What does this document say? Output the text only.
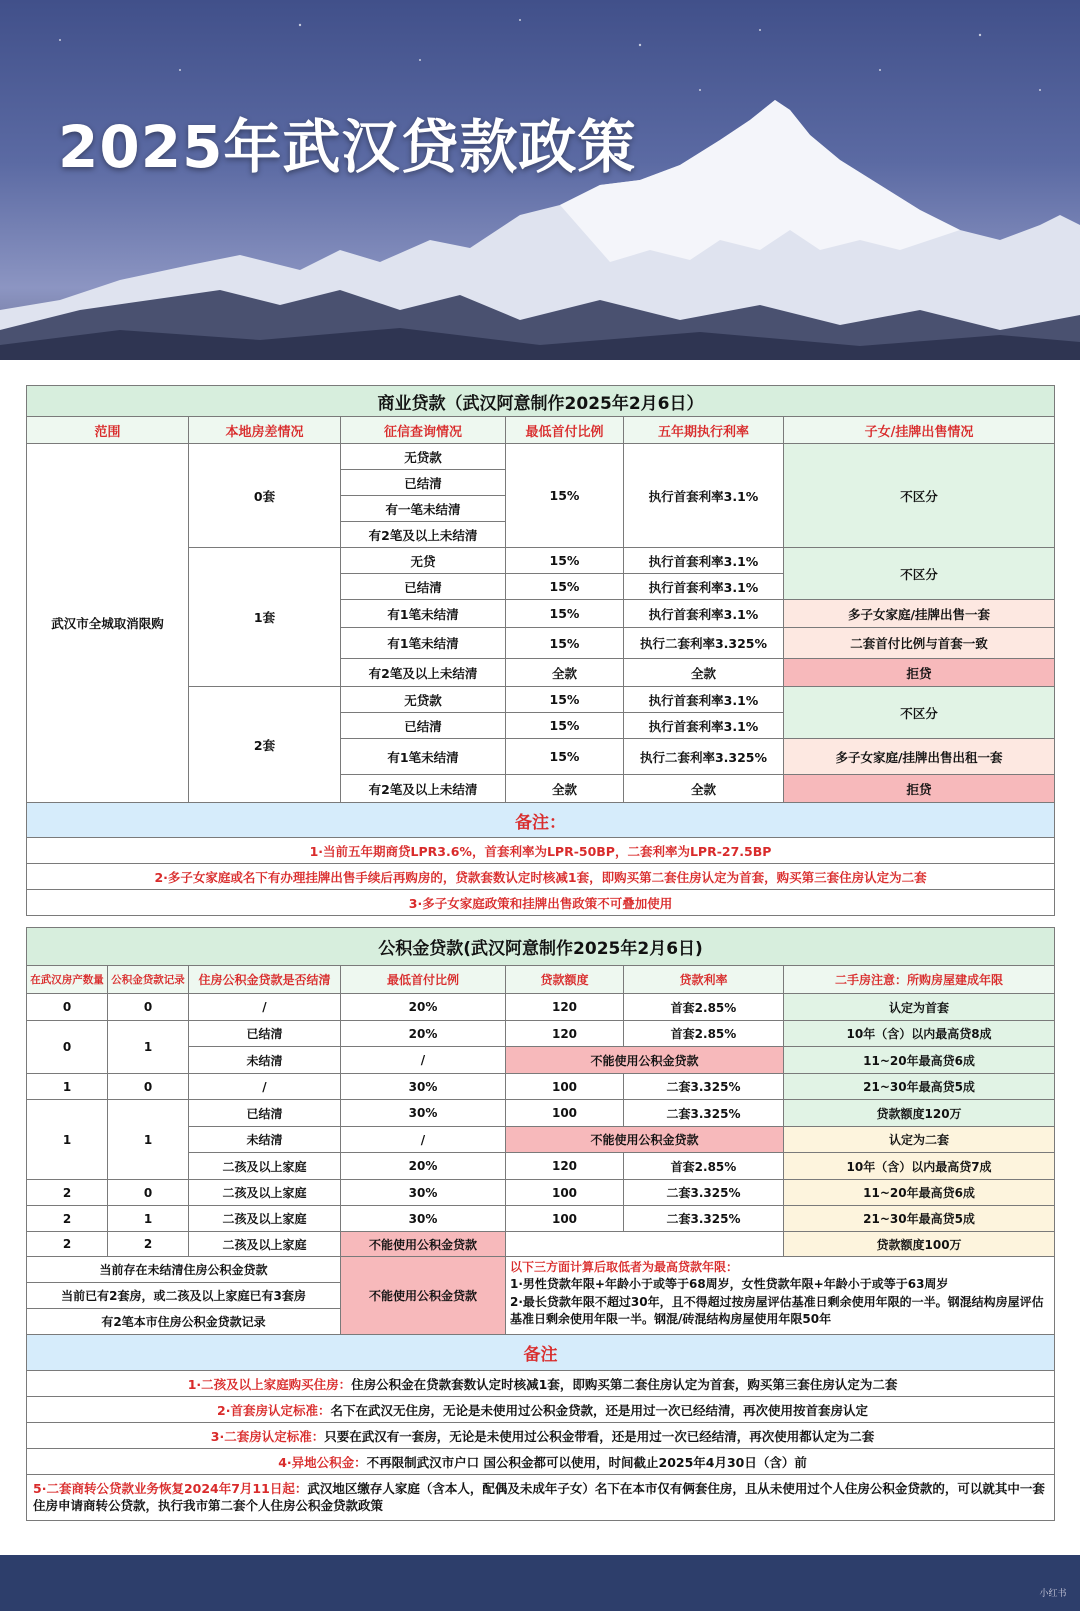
2025年武汉贷款政策
商业贷款（武汉阿意制作2025年2月6日）					
范围	本地房差情况	征信查询情况	最低首付比例	五年期执行利率	子女/挂牌出售情况
武汉市全城取消限购	0套	无贷款	15%	执行首套利率3.1%	不区分
		已结清			
		有一笔未结清			
		有2笔及以上未结清			
	1套	无贷	15%	执行首套利率3.1%	不区分
		已结清	15%	执行首套利率3.1%	
		有1笔未结清	15%	执行首套利率3.1%	多子女家庭/挂牌出售一套
		有1笔未结清	15%	执行二套利率3.325%	二套首付比例与首套一致
		有2笔及以上未结清	全款	全款	拒贷
	2套	无贷款	15%	执行首套利率3.1%	不区分
		已结清	15%	执行首套利率3.1%	
		有1笔未结清	15%	执行二套利率3.325%	多子女家庭/挂牌出售出租一套
		有2笔及以上未结清	全款	全款	拒贷
备注：					
1·当前五年期商贷LPR3.6%，首套利率为LPR-50BP，二套利率为LPR-27.5BP					
2·多子女家庭或名下有办理挂牌出售手续后再购房的，贷款套数认定时核减1套，即购买第二套住房认定为首套，购买第三套住房认定为二套					
3·多子女家庭政策和挂牌出售政策不可叠加使用					
公积金贷款(武汉阿意制作2025年2月6日)						
在武汉房产数量	公积金贷款记录	住房公积金贷款是否结清	最低首付比例	贷款额度	贷款利率	二手房注意：所购房屋建成年限
0	0	/	20%	120	首套2.85%	认定为首套
0	1	已结清	20%	120	首套2.85%	10年（含）以内最高贷8成
		未结清	/	不能使用公积金贷款		11~20年最高贷6成
1	0	/	30%	100	二套3.325%	21~30年最高贷5成
1	1	已结清	30%	100	二套3.325%	贷款额度120万
		未结清	/	不能使用公积金贷款		认定为二套
		二孩及以上家庭	20%	120	首套2.85%	10年（含）以内最高贷7成
2	0	二孩及以上家庭	30%	100	二套3.325%	11~20年最高贷6成
2	1	二孩及以上家庭	30%	100	二套3.325%	21~30年最高贷5成
2	2	二孩及以上家庭	不能使用公积金贷款			贷款额度100万
当前存在未结清住房公积金贷款			不能使用公积金贷款	以下三方面计算后取低者为最高贷款年限：
1·男性贷款年限+年龄小于或等于68周岁，女性贷款年限+年龄小于或等于63周岁
2·最长贷款年限不超过30年，且不得超过按房屋评估基准日剩余使用年限的一半。钢混结构房屋评估基准日剩余使用年限一半。钢混/砖混结构房屋使用年限50年		

当前已有2套房，或二孩及以上家庭已有3套房						
有2笔本市住房公积金贷款记录						
备注						
1·二孩及以上家庭购买住房：住房公积金在贷款套数认定时核减1套，即购买第二套住房认定为首套，购买第三套住房认定为二套						
2·首套房认定标准：名下在武汉无住房，无论是未使用过公积金贷款，还是用过一次已经结清，再次使用按首套房认定						
3·二套房认定标准：只要在武汉有一套房，无论是未使用过公积金带看，还是用过一次已经结清，再次使用都认定为二套						
4·异地公积金：不再限制武汉市户口 国公积金都可以使用，时间截止2025年4月30日（含）前						
5·二套商转公贷款业务恢复2024年7月11日起：武汉地区缴存人家庭（含本人，配偶及未成年子女）名下在本市仅有俩套住房，且从未使用过个人住房公积金贷款的，可以就其中一套住房申请商转公贷款，执行我市第二套个人住房公积金贷款政策						
小红书
